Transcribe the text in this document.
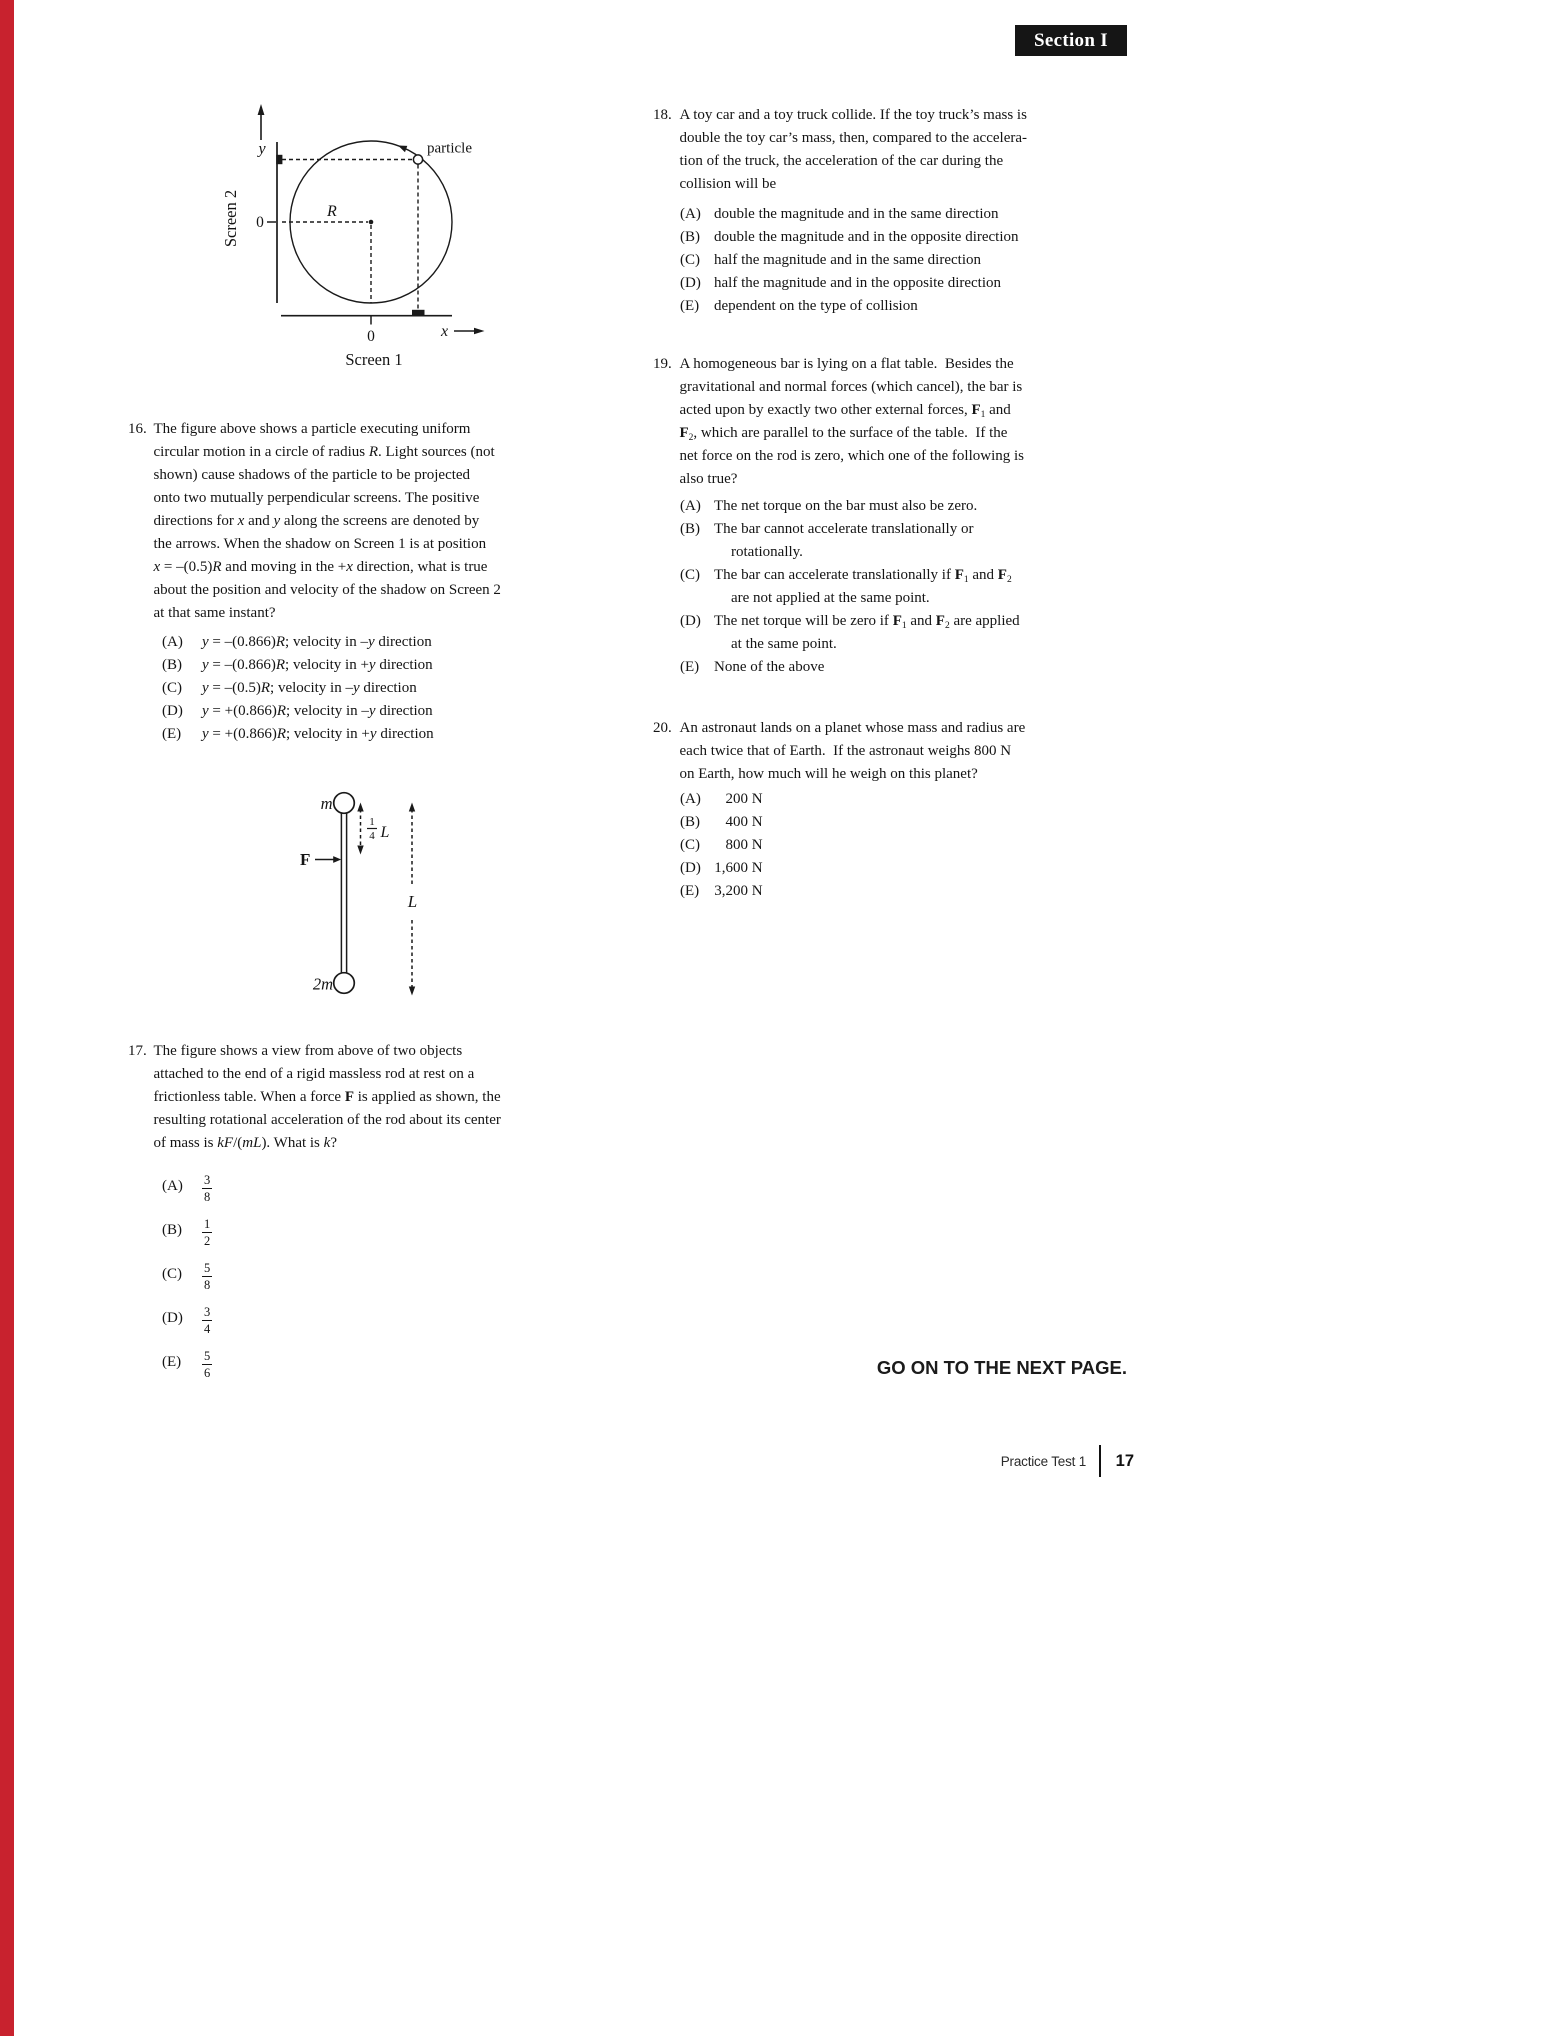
Section I
y
Screen 2 0
R
particle
0	x
Screen 1
m
2m
F
1
4 L
L
16. The figure above shows a particle executing uniform
circular motion in a circle of radius R. Light sources (not
shown) cause shadows of the particle to be projected
onto two mutually perpendicular screens. The positive
directions for x and y along the screens are denoted by
the arrows. When the shadow on Screen 1 is at position
x = –(0.5)R and moving in the +x direction, what is true
about the position and velocity of the shadow on Screen 2
at that same instant?
(A)	y = –(0.866)R; velocity in –y direction
(B)	y = –(0.866)R; velocity in +y direction
(C)	y = –(0.5)R; velocity in –y direction
(D)	y = +(0.866)R; velocity in –y direction
(E)	y = +(0.866)R; velocity in +y direction
17. The figure shows a view from above of two objects
attached to the end of a rigid massless rod at rest on a
frictionless table. When a force F is applied as shown, the
resulting rotational acceleration of the rod about its center
of mass is kF/(mL). What is k?
(A)	$\frac{3}{8}$
(B)	$\frac{1}{2}$
(C)	$\frac{5}{8}$
(D)	$\frac{3}{4}$
(E)	$\frac{5}{6}$
18. A toy car and a toy truck collide. If the toy truck’s mass is
double the toy car’s mass, then, compared to the accelera-
tion of the truck, the acceleration of the car during the
collision will be
(A) double the magnitude and in the same direction
(B) double the magnitude and in the opposite direction
(C) half the magnitude and in the same direction
(D) half the magnitude and in the opposite direction
(E) dependent on the type of collision
19. A homogeneous bar is lying on a flat table.  Besides the
gravitational and normal forces (which cancel), the bar is
acted upon by exactly two other external forces, $F_1$ and
$F_2$, which are parallel to the surface of the table.  If the
net force on the rod is zero, which one of the following is
also true?
(A) The net torque on the bar must also be zero.
(B) The bar cannot accelerate translationally or
rotationally.
(C) The bar can accelerate translationally if $F_1$ and $F_2$
are not applied at the same point.
(D) The net torque will be zero if $F_1$ and $F_2$ are applied
at the same point.
(E) None of the above
20. An astronaut lands on a planet whose mass and radius are
each twice that of Earth.  If the astronaut weighs 800 N
on Earth, how much will he weigh on this planet?
(A)	200 N
(B)	400 N
(C)	800 N
(D) 1,600 N
(E)	3,200 N
GO ON TO THE NEXT PAGE.
Practice Test 1 17
